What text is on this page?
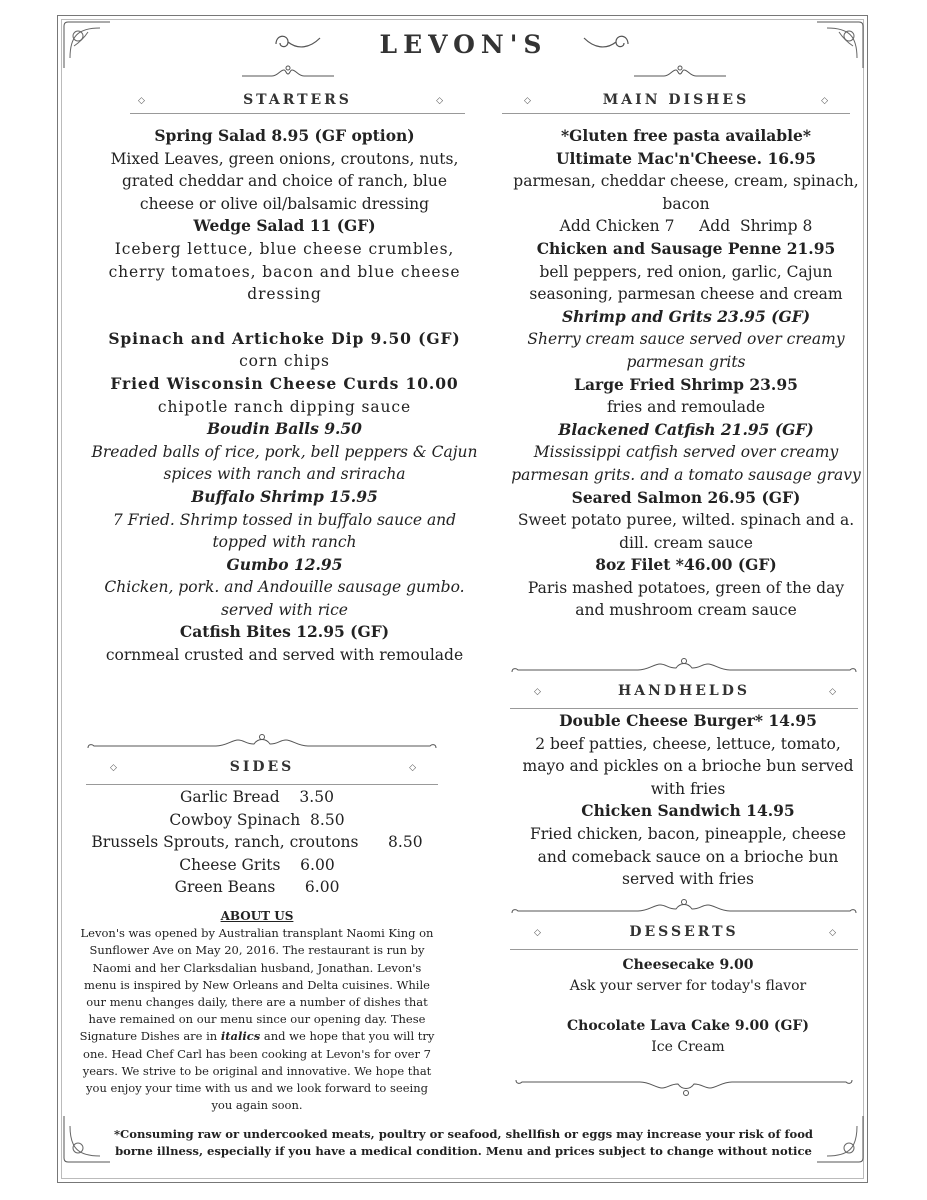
LEVON'S
◇	STARTERS	◇	◇	MAIN DISHES	◇
Spring Salad 8.95 (GF option)
Mixed Leaves, green onions, croutons, nuts,
grated cheddar and choice of ranch, blue
cheese or olive oil/balsamic dressing
Wedge Salad 11 (GF)
Iceberg lettuce, blue cheese crumbles,
cherry tomatoes, bacon and blue cheese
dressing
Spinach and Artichoke Dip 9.50 (GF)
corn chips
Fried Wisconsin Cheese Curds 10.00
chipotle ranch dipping sauce
Boudin Balls 9.50
Breaded balls of rice, pork, bell peppers & Cajun
spices with ranch and sriracha
Buffalo Shrimp 15.95
7 Fried. Shrimp tossed in buffalo sauce and
topped with ranch
Gumbo 12.95
Chicken, pork. and Andouille sausage gumbo.
served with rice
Catfish Bites 12.95 (GF)
cornmeal crusted and served with remoulade
◇	SIDES	◇
Garlic Bread    3.50
Cowboy Spinach  8.50
Brussels Sprouts, ranch, croutons      8.50
Cheese Grits    6.00
Green Beans      6.00
ABOUT US
Levon's was opened by Australian transplant Naomi King on Sunflower Ave on May 20, 2016. The restaurant is run by Naomi and her Clarksdalian husband, Jonathan. Levon's menu is inspired by New Orleans and Delta cuisines. While our menu changes daily, there are a number of dishes that have remained on our menu since our opening day. These Signature Dishes are in italics and we hope that you will try one. Head Chef Carl has been cooking at Levon's for over 7 years. We strive to be original and innovative. We hope that you enjoy your time with us and we look forward to seeing you again soon.
*Gluten free pasta available*
Ultimate Mac'n'Cheese. 16.95
parmesan, cheddar cheese, cream, spinach,
bacon
Add Chicken 7     Add  Shrimp 8
Chicken and Sausage Penne 21.95
bell peppers, red onion, garlic, Cajun
seasoning, parmesan cheese and cream
Shrimp and Grits 23.95 (GF)
Sherry cream sauce served over creamy
parmesan grits
Large Fried Shrimp 23.95
fries and remoulade
Blackened Catfish 21.95 (GF)
Mississippi catfish served over creamy
parmesan grits. and a tomato sausage gravy
Seared Salmon 26.95 (GF)
Sweet potato puree, wilted. spinach and a.
dill. cream sauce
8oz Filet *46.00 (GF)
Paris mashed potatoes, green of the day
and mushroom cream sauce
◇	HANDHELDS	◇
Double Cheese Burger* 14.95
2 beef patties, cheese, lettuce, tomato,
mayo and pickles on a brioche bun served
with fries
Chicken Sandwich 14.95
Fried chicken, bacon, pineapple, cheese
and comeback sauce on a brioche bun
served with fries
◇	DESSERTS	◇
Cheesecake 9.00
Ask your server for today's flavor
Chocolate Lava Cake 9.00 (GF)
Ice Cream
*Consuming raw or undercooked meats, poultry or seafood, shellfish or eggs may increase your risk of food
borne illness, especially if you have a medical condition. Menu and prices subject to change without notice
